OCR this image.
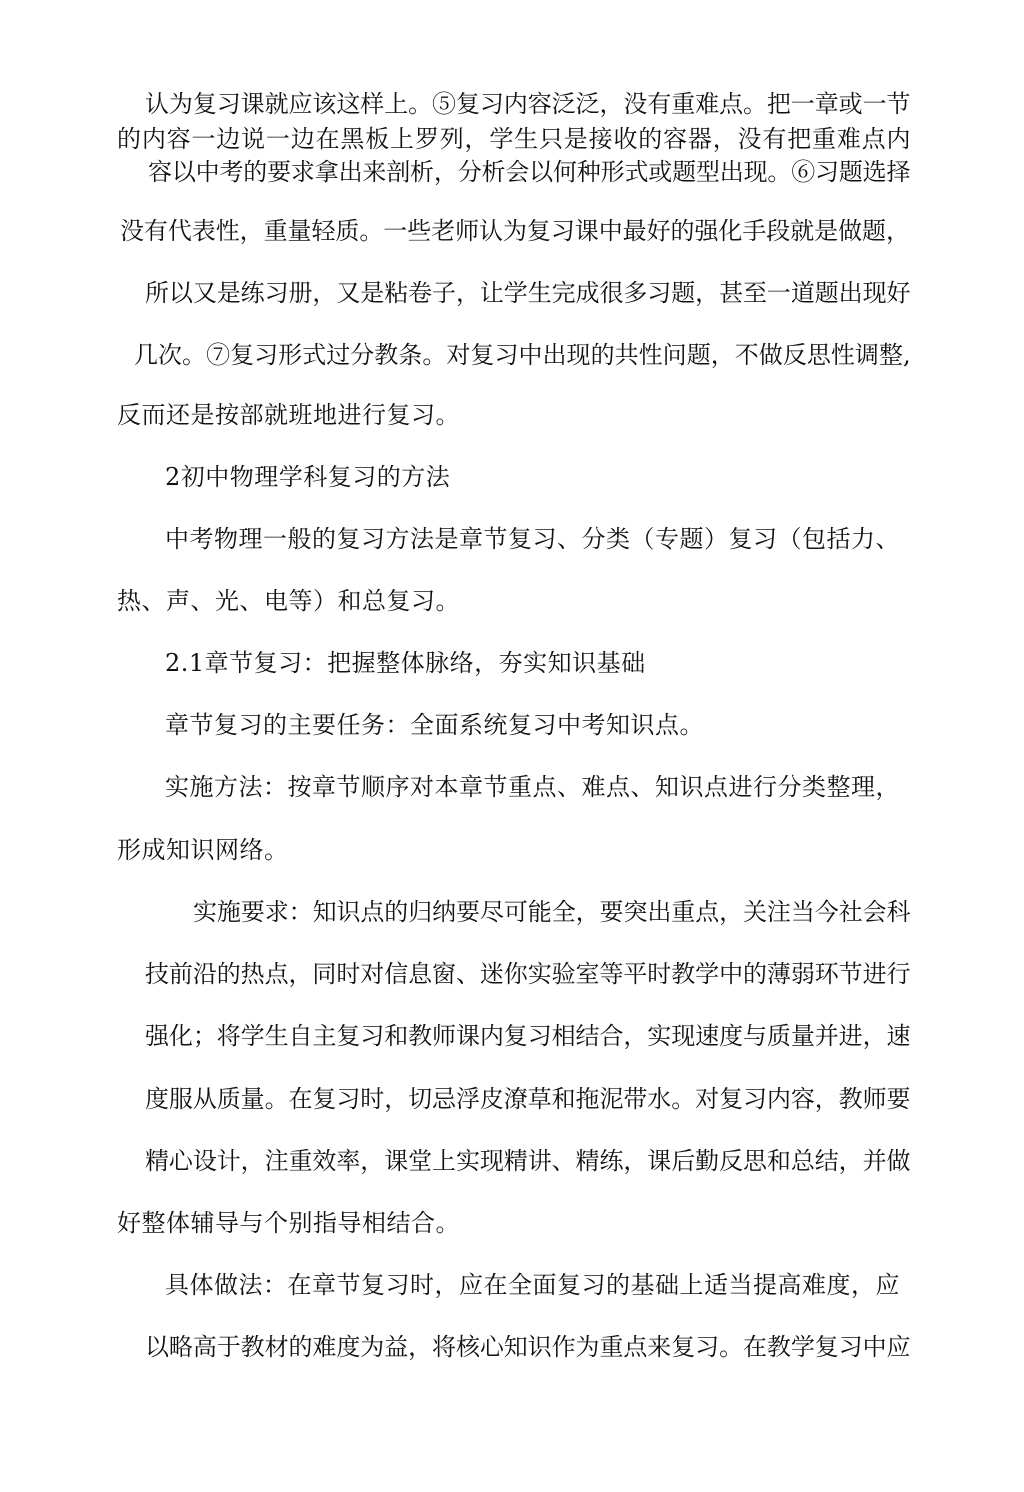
认为复习课就应该这样上。⑤复习内容泛泛，没有重难点。把一章或一节
的内容一边说一边在黑板上罗列，学生只是接收的容器，没有把重难点内
容以中考的要求拿出来剖析，分析会以何种形式或题型出现。⑥习题选择
没有代表性，重量轻质。一些老师认为复习课中最好的强化手段就是做题，
所以又是练习册，又是粘卷子，让学生完成很多习题，甚至一道题出现好
几次。⑦复习形式过分教条。对复习中出现的共性问题，不做反思性调整,
反而还是按部就班地进行复习。
2初中物理学科复习的方法
中考物理一般的复习方法是章节复习、分类（专题）复习（包括力、
热、声、光、电等）和总复习。
2.1章节复习：把握整体脉络，夯实知识基础
章节复习的主要任务：全面系统复习中考知识点。
实施方法：按章节顺序对本章节重点、难点、知识点进行分类整理，
形成知识网络。
实施要求：知识点的归纳要尽可能全，要突出重点，关注当今社会科
技前沿的热点，同时对信息窗、迷你实验室等平时教学中的薄弱环节进行
强化；将学生自主复习和教师课内复习相结合，实现速度与质量并进，速
度服从质量。在复习时，切忌浮皮潦草和拖泥带水。对复习内容，教师要
精心设计，注重效率，课堂上实现精讲、精练，课后勤反思和总结，并做
好整体辅导与个别指导相结合。
具体做法：在章节复习时，应在全面复习的基础上适当提高难度，应
以略高于教材的难度为益，将核心知识作为重点来复习。在教学复习中应
